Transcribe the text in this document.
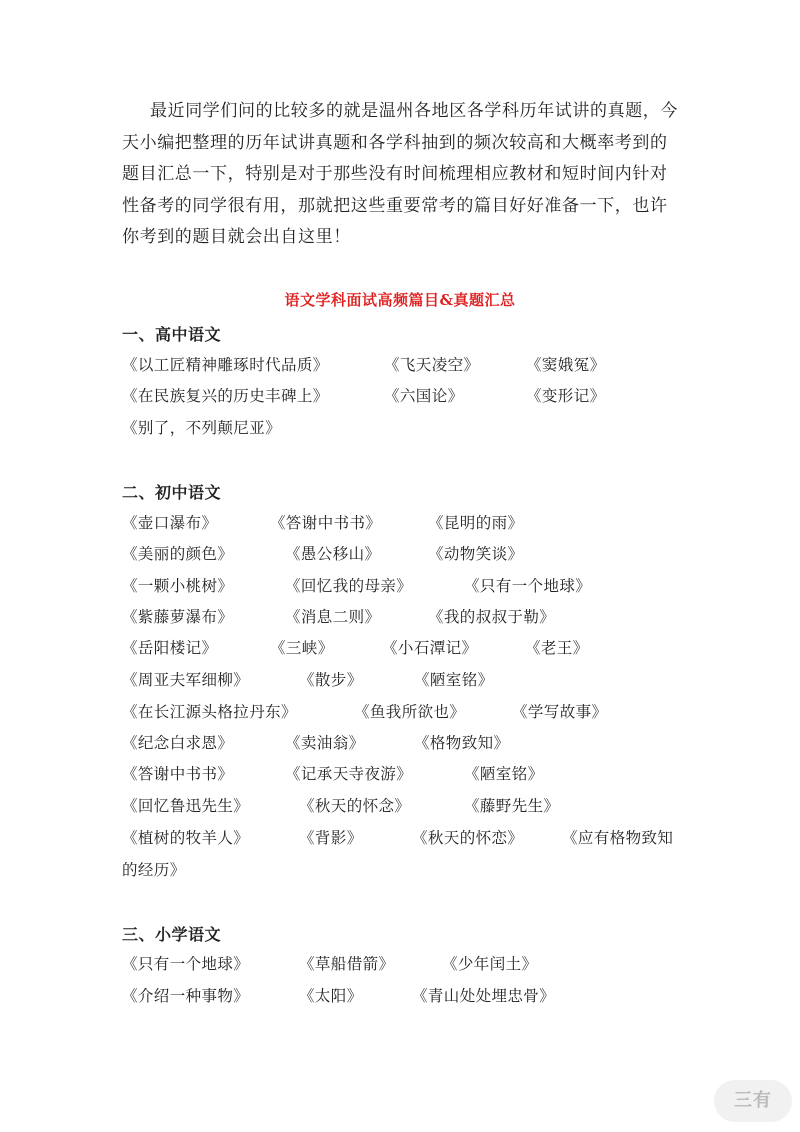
最近同学们问的比较多的就是温州各地区各学科历年试讲的真题，今天小编把整理的历年试讲真题和各学科抽到的频次较高和大概率考到的题目汇总一下，特别是对于那些没有时间梳理相应教材和短时间内针对性备考的同学很有用，那就把这些重要常考的篇目好好准备一下，也许你考到的题目就会出自这里！

语文学科面试高频篇目&真题汇总

一、高中语文
《以工匠精神雕琢时代品质》	《飞天凌空》	《窦娥冤》
《在民族复兴的历史丰碑上》	《六国论》	《变形记》
《别了，不列颠尼亚》
二、初中语文
《壶口瀑布》	《答谢中书书》	《昆明的雨》
《美丽的颜色》	《愚公移山》	《动物笑谈》
《一颗小桃树》	《回忆我的母亲》	《只有一个地球》
《紫藤萝瀑布》	《消息二则》	《我的叔叔于勒》
《岳阳楼记》	《三峡》	《小石潭记》	《老王》
《周亚夫军细柳》	《散步》	《陋室铭》
《在长江源头格拉丹东》	《鱼我所欲也》	《学写故事》
《纪念白求恩》	《卖油翁》	《格物致知》
《答谢中书书》	《记承天寺夜游》	《陋室铭》
《回忆鲁迅先生》	《秋天的怀念》	《藤野先生》
《植树的牧羊人》	《背影》	《秋天的怀恋》 《应有格物致知
的经历》
三、小学语文
《只有一个地球》	《草船借箭》	《少年闰土》
《介绍一种事物》	《太阳》	《青山处处埋忠骨》
三有
